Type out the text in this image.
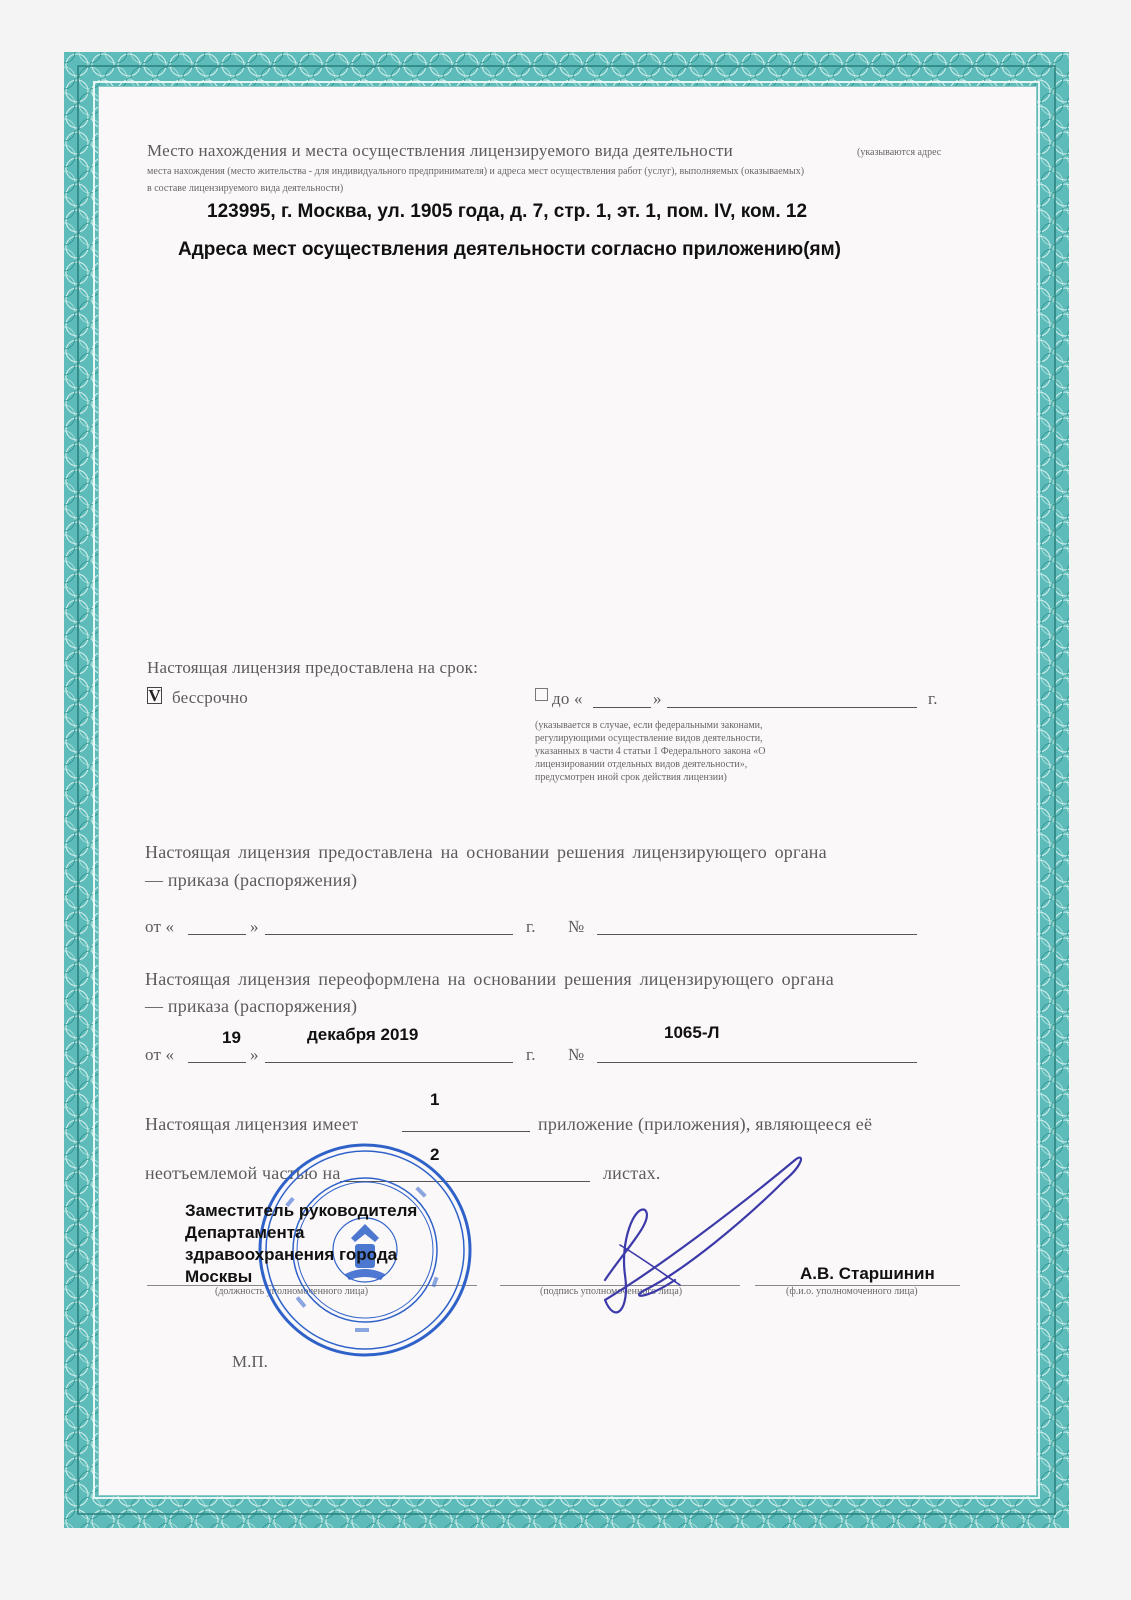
Место нахождения и места осуществления лицензируемого вида деятельности	(указываются адрес
места нахождения (место жительства - для индивидуального предпринимателя) и адреса мест осуществления работ (услуг), выполняемых (оказываемых)
в составе лицензируемого вида деятельности)
123995, г. Москва, ул. 1905 года, д. 7, стр. 1, эт. 1, пом. IV, ком. 12
Адреса мест осуществления деятельности согласно приложению(ям)
Настоящая лицензия предоставлена на срок:
V бессрочно	до «	»	г.
(указывается в случае, если федеральными законами, регулирующими осуществление видов деятельности, указанных в части 4 статьи 1 Федерального закона «О лицензировании отдельных видов деятельности», предусмотрен иной срок действия лицензии)
Настоящая лицензия предоставлена на основании решения лицензирующего органа
— приказа (распоряжения)
от «	»	г. №
Настоящая лицензия переоформлена на основании решения лицензирующего органа
— приказа (распоряжения)
19	декабря 2019	1065-Л
от «	»	г. №
1
Настоящая лицензия имеет	приложение (приложения), являющееся её
неотъемлемой частью на
2
листах.
(должность уполномоченного лица)	(подпись уполномоченного лица)	(ф.и.о. уполномоченного лица)
М.П.
Заместитель руководителя
Департамента
здравоохранения города
Москвы	А.В. Старшинин
